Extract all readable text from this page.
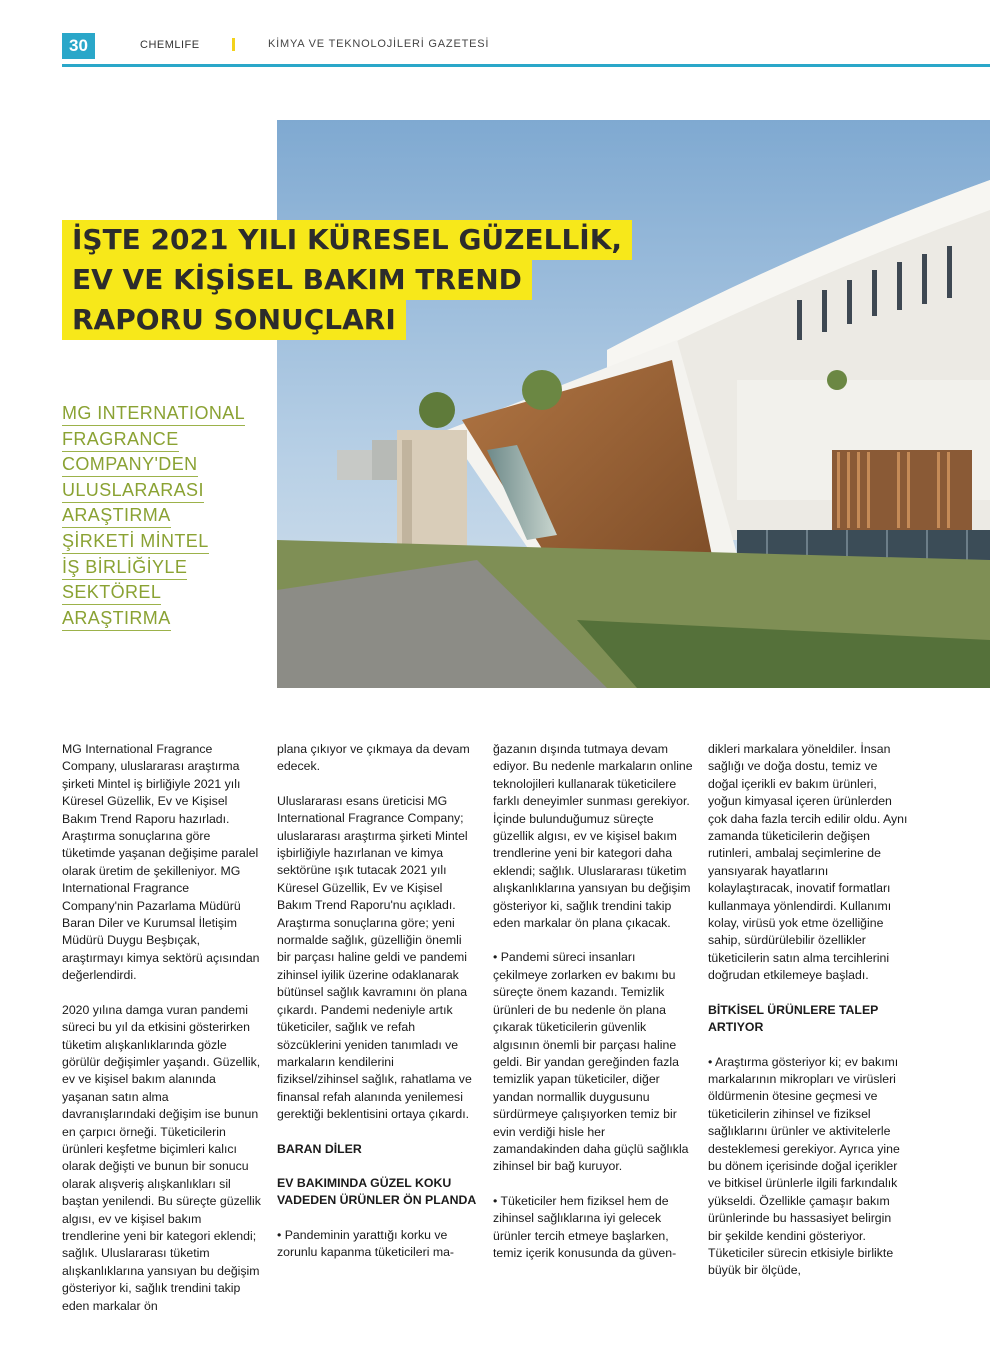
30	CHEMLIFE	KİMYA VE TEKNOLOJİLERİ GAZETESİ
İŞTE 2021 YILI KÜRESEL GÜZELLİK,
EV VE KİŞİSEL BAKIM TREND
RAPORU SONUÇLARI
MG INTERNATIONAL
FRAGRANCE
COMPANY'DEN
ULUSLARARASI
ARAŞTIRMA
ŞİRKETİ MİNTEL
İŞ BİRLİĞİYLE
SEKTÖREL
ARAŞTIRMA

MG International Fragrance Company, uluslararası araştırma şirketi Mintel iş birliğiyle 2021 yılı Küresel Güzellik, Ev ve Kişisel Bakım Trend Raporu hazırladı. Araştırma sonuçlarına göre tüketimde yaşanan değişime paralel olarak üretim de şekilleniyor. MG International Fragrance Company'nin Pazarlama Müdürü Baran Diler ve Kurumsal İletişim Müdürü Duygu Beşbıçak, araştırmayı kimya sektörü açısından değerlendirdi.

2020 yılına damga vuran pandemi süreci bu yıl da etkisini gösterirken tüketim alışkanlıklarında gözle görülür değişimler yaşandı. Güzellik, ev ve kişisel bakım alanında yaşanan satın alma davranışlarındaki değişim ise bunun en çarpıcı örneği. Tüketicilerin ürünleri keşfetme biçimleri kalıcı olarak değişti ve bunun bir sonucu olarak alışveriş alışkanlıkları sil baştan yenilendi. Bu süreçte güzellik algısı, ev ve kişisel bakım trendlerine yeni bir kategori eklendi; sağlık. Uluslararası tüketim alışkanlıklarına yansıyan bu değişim gösteriyor ki, sağlık trendini takip eden markalar ön

plana çıkıyor ve çıkmaya da devam edecek.

Uluslararası esans üreticisi MG International Fragrance Company; uluslararası araştırma şirketi Mintel işbirliğiyle hazırlanan ve kimya sektörüne ışık tutacak 2021 yılı Küresel Güzellik, Ev ve Kişisel Bakım Trend Raporu'nu açıkladı. Araştırma sonuçlarına göre; yeni normalde sağlık, güzelliğin önemli bir parçası haline geldi ve pandemi zihinsel iyilik üzerine odaklanarak bütünsel sağlık kavramını ön plana çıkardı. Pandemi nedeniyle artık tüketiciler, sağlık ve refah sözcüklerini yeniden tanımladı ve markaların kendilerini fiziksel/zihinsel sağlık, rahatlama ve finansal refah alanında yenilemesi gerektiği beklentisini ortaya çıkardı.

BARAN DİLER
EV BAKIMINDA GÜZEL KOKU VADEDEN ÜRÜNLER ÖN PLANDA

• Pandeminin yarattığı korku ve zorunlu kapanma tüketicileri ma-

ğazanın dışında tutmaya devam ediyor. Bu nedenle markaların online teknolojileri kullanarak tüketicilere farklı deneyimler sunması gerekiyor. İçinde bulunduğumuz süreçte güzellik algısı, ev ve kişisel bakım trendlerine yeni bir kategori daha eklendi; sağlık. Uluslararası tüketim alışkanlıklarına yansıyan bu değişim gösteriyor ki, sağlık trendini takip eden markalar ön plana çıkacak.

• Pandemi süreci insanları çekilmeye zorlarken ev bakımı bu süreçte önem kazandı. Temizlik ürünleri de bu nedenle ön plana çıkarak tüketicilerin güvenlik algısının önemli bir parçası haline geldi. Bir yandan gereğinden fazla temizlik yapan tüketiciler, diğer yandan normallik duygusunu sürdürmeye çalışıyorken temiz bir evin verdiği hisle her zamandakinden daha güçlü sağlıkla zihinsel bir bağ kuruyor.

• Tüketiciler hem fiziksel hem de zihinsel sağlıklarına iyi gelecek ürünler tercih etmeye başlarken, temiz içerik konusunda da güven-

dikleri markalara yöneldiler. İnsan sağlığı ve doğa dostu, temiz ve doğal içerikli ev bakım ürünleri, yoğun kimyasal içeren ürünlerden çok daha fazla tercih edilir oldu. Aynı zamanda tüketicilerin değişen rutinleri, ambalaj seçimlerine de yansıyarak hayatlarını kolaylaştıracak, inovatif formatları kullanmaya yönlendirdi. Kullanımı kolay, virüsü yok etme özelliğine sahip, sürdürülebilir özellikler tüketicilerin satın alma tercihlerini doğrudan etkilemeye başladı.

BİTKİSEL ÜRÜNLERE TALEP ARTIYOR

• Araştırma gösteriyor ki; ev bakımı markalarının mikropları ve virüsleri öldürmenin ötesine geçmesi ve tüketicilerin zihinsel ve fiziksel sağlıklarını ürünler ve aktivitelerle desteklemesi gerekiyor. Ayrıca yine bu dönem içerisinde doğal içerikler ve bitkisel ürünlerle ilgili farkındalık yükseldi. Özellikle çamaşır bakım ürünlerinde bu hassasiyet belirgin bir şekilde kendini gösteriyor. Tüketiciler sürecin etkisiyle birlikte büyük bir ölçüde,
